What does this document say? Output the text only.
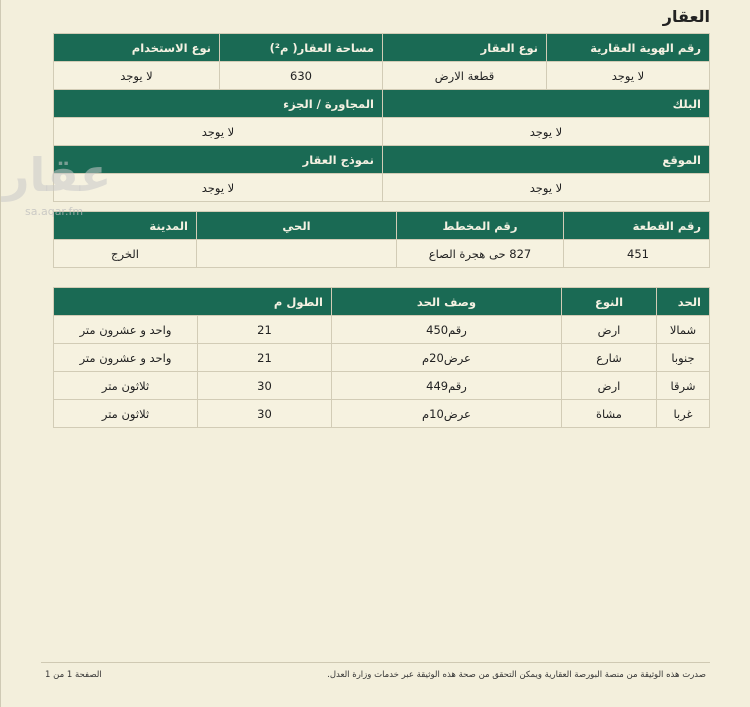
العقار
رقم الهوية العقارية	نوع العقار	مساحة العقار( م²)	نوع الاستخدام
لا يوجد	قطعة الارض	630	لا يوجد
البلك		المجاورة / الجزء	
لا يوجد		لا يوجد	
الموقع		نموذج العقار	
لا يوجد		لا يوجد	
رقم القطعة	رقم المخطط	الحي	المدينة
451	827 حى هجرة الصاع		الخرج
الحد	النوع	وصف الحد	الطول م	
شمالا	ارض	رقم450	21	واحد و عشرون متر
جنوبا	شارع	عرض20م	21	واحد و عشرون متر
شرقا	ارض	رقم449	30	ثلاثون متر
غربا	مشاة	عرض10م	30	ثلاثون متر
عقار
sa.aqar.fm
الصفحة 1 من 1	صدرت هذه الوثيقة من منصة البورصة العقارية ويمكن التحقق من صحة هذه الوثيقة عبر خدمات وزارة العدل.
